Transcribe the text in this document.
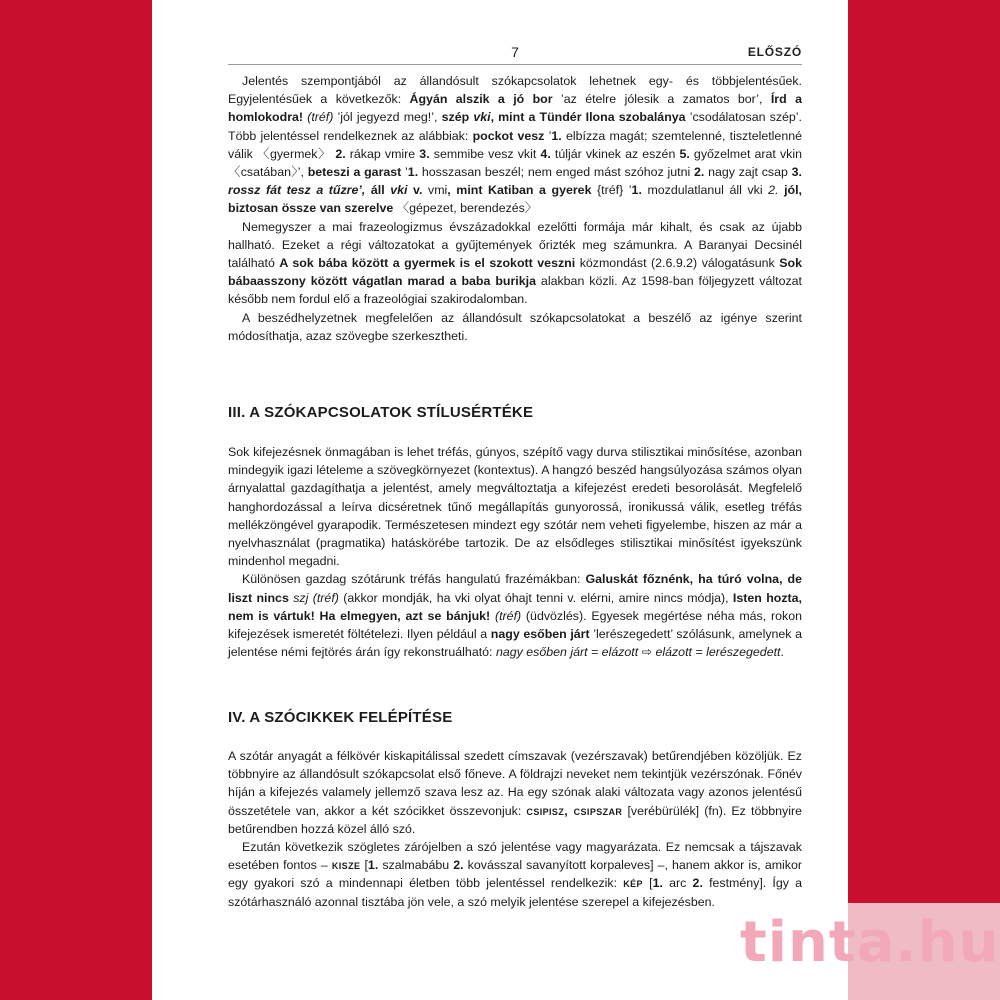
7	ELŐSZÓ

Jelentés szempontjából az állandósult szókapcsolatok lehetnek egy- és többjelentésűek. Egyjelentésűek a következők: Ágyán alszik a jó bor ’az ételre jólesik a zamatos bor’, Írd a homlokodra! (tréf) ’jól jegyezd meg!’, szép vki, mint a Tündér Ilona szobalánya ’csodálatosan szép’. Több jelentéssel rendelkeznek az alábbiak: pockot vesz ’1. elbízza magát; szemtelenné, tiszteletlenné válik 〈gyermek〉 2. rákap vmire 3. semmibe vesz vkit 4. túljár vkinek az eszén 5. győzelmet arat vkin 〈csatában〉’, beteszi a garast ’1. hosszasan beszél; nem enged mást szóhoz jutni 2. nagy zajt csap 3. rossz fát tesz a tűzre’, áll vki v. vmi, mint Katiban a gyerek {tréf} ’1. mozdulatlanul áll vki 2. jól, biztosan össze van szerelve 〈gépezet, berendezés〉

Nemegyszer a mai frazeologizmus évszázadokkal ezelőtti formája már kihalt, és csak az újabb hallható. Ezeket a régi változatokat a gyűjtemények őrizték meg számunkra. A Baranyai Decsinél található A sok bába között a gyermek is el szokott veszni közmondást (2.6.9.2) válogatásunk Sok bábaasszony között vágatlan marad a baba burikja alakban közli. Az 1598-ban följegyzett változat később nem fordul elő a frazeológiai szakirodalomban.

A beszédhelyzetnek megfelelően az állandósult szókapcsolatokat a beszélő az igénye szerint módosíthatja, azaz szövegbe szerkesztheti.

III. A SZÓKAPCSOLATOK STÍLUSÉRTÉKE

Sok kifejezésnek önmagában is lehet tréfás, gúnyos, szépítő vagy durva stilisztikai minősítése, azonban mindegyik igazi lételeme a szövegkörnyezet (kontextus). A hangzó beszéd hangsúlyozása számos olyan árnyalattal gazdagíthatja a jelentést, amely megváltoztatja a kifejezést eredeti besorolását. Megfelelő hanghordozással a leírva dicséretnek tűnő megállapítás gunyorossá, ironikussá válik, esetleg tréfás mellékzöngével gyarapodik. Természetesen mindezt egy szótár nem veheti figyelembe, hiszen az már a nyelvhasználat (pragmatika) hatáskörébe tartozik. De az elsődleges stilisztikai minősítést igyekszünk mindenhol megadni.

Különösen gazdag szótárunk tréfás hangulatú frazémákban: Galuskát főznénk, ha túró volna, de liszt nincs szj (tréf) (akkor mondják, ha vki olyat óhajt tenni v. elérni, amire nincs módja), Isten hozta, nem is vártuk! Ha elmegyen, azt se bánjuk! (tréf) (üdvözlés). Egyesek megértése néha más, rokon kifejezések ismeretét föltételezi. Ilyen például a nagy esőben járt ’lerészegedett’ szólásunk, amelynek a jelentése némi fejtörés árán így rekonstruálható: nagy esőben járt = elázott ⇨ elázott = lerészegedett.

IV. A SZÓCIKKEK FELÉPÍTÉSE

A szótár anyagát a félkövér kiskapitálissal szedett címszavak (vezérszavak) betűrendjében közöljük. Ez többnyire az állandósult szókapcsolat első főneve. A földrajzi neveket nem tekintjük vezérszónak. Főnév híján a kifejezés valamely jellemző szava lesz az. Ha egy szónak alaki változata vagy azonos jelentésű összetétele van, akkor a két szócikket összevonjuk: csipisz, csipszar [verébürülék] (fn). Ez többnyire betűrendben hozzá közel álló szó.

Ezután következik szögletes zárójelben a szó jelentése vagy magyarázata. Ez nemcsak a tájszavak esetében fontos – kisze [1. szalmabábu 2. kovásszal savanyított korpaleves] –, hanem akkor is, amikor egy gyakori szó a mindennapi életben több jelentéssel rendelkezik: kép [1. arc 2. festmény]. Így a szótárhasználó azonnal tisztába jön vele, a szó melyik jelentése szerepel a kifejezésben.

tinta.hu
